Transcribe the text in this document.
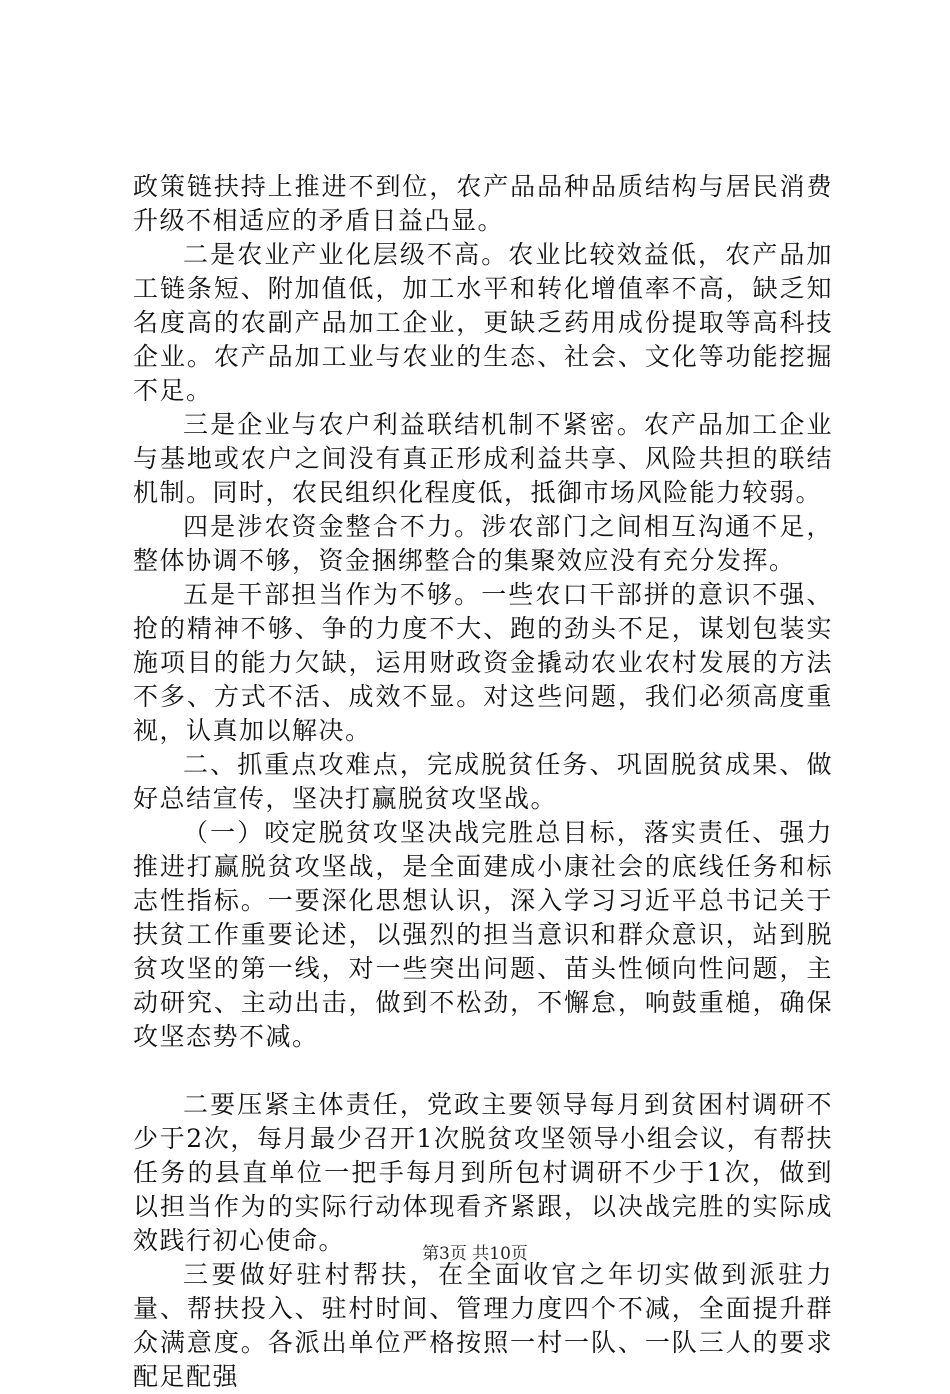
政策链扶持上推进不到位，农产品品种品质结构与居民消费升级不相适应的矛盾日益凸显。

二是农业产业化层级不高。农业比较效益低，农产品加工链条短、附加值低，加工水平和转化增值率不高，缺乏知名度高的农副产品加工企业，更缺乏药用成份提取等高科技企业。农产品加工业与农业的生态、社会、文化等功能挖掘不足。

三是企业与农户利益联结机制不紧密。农产品加工企业与基地或农户之间没有真正形成利益共享、风险共担的联结机制。同时，农民组织化程度低，抵御市场风险能力较弱。

四是涉农资金整合不力。涉农部门之间相互沟通不足，整体协调不够，资金捆绑整合的集聚效应没有充分发挥。

五是干部担当作为不够。一些农口干部拼的意识不强、抢的精神不够、争的力度不大、跑的劲头不足，谋划包装实施项目的能力欠缺，运用财政资金撬动农业农村发展的方法不多、方式不活、成效不显。对这些问题，我们必须高度重视，认真加以解决。

二、抓重点攻难点，完成脱贫任务、巩固脱贫成果、做好总结宣传，坚决打赢脱贫攻坚战。

（一）咬定脱贫攻坚决战完胜总目标，落实责任、强力推进打赢脱贫攻坚战，是全面建成小康社会的底线任务和标志性指标。一要深化思想认识，深入学习习近平总书记关于扶贫工作重要论述，以强烈的担当意识和群众意识，站到脱贫攻坚的第一线，对一些突出问题、苗头性倾向性问题，主动研究、主动出击，做到不松劲，不懈怠，响鼓重槌，确保攻坚态势不减。

二要压紧主体责任，党政主要领导每月到贫困村调研不少于2次，每月最少召开1次脱贫攻坚领导小组会议，有帮扶任务的县直单位一把手每月到所包村调研不少于1次，做到以担当作为的实际行动体现看齐紧跟，以决战完胜的实际成效践行初心使命。

三要做好驻村帮扶，在全面收官之年切实做到派驻力量、帮扶投入、驻村时间、管理力度四个不减，全面提升群众满意度。各派出单位严格按照一村一队、一队三人的要求配足配强

第3页 共10页
